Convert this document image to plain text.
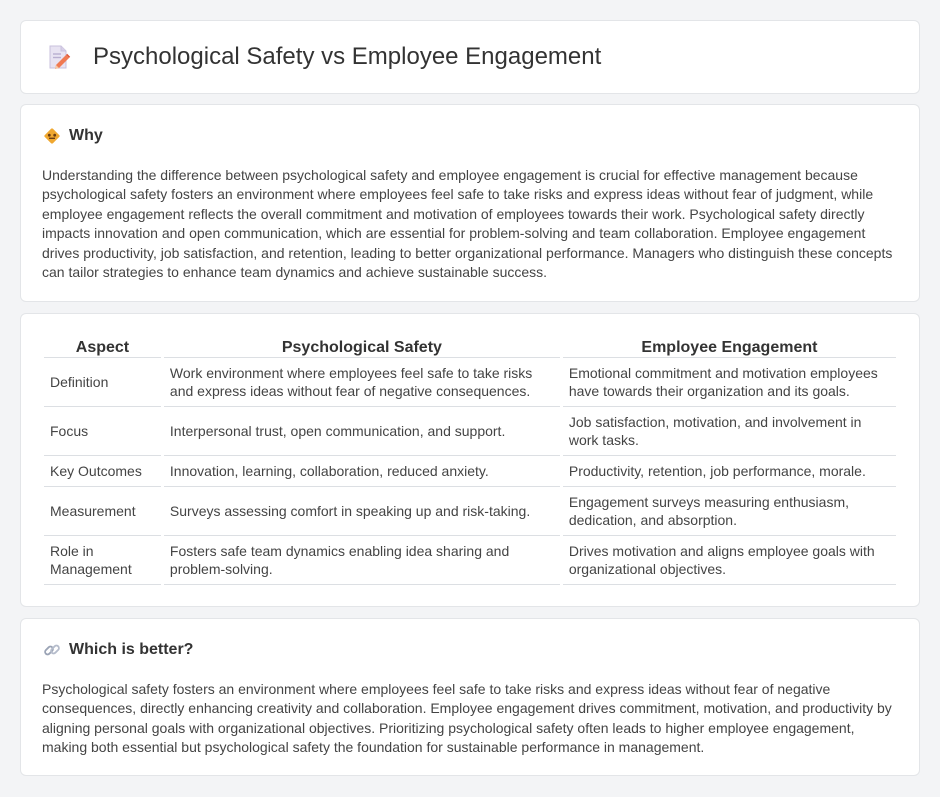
Psychological Safety vs Employee Engagement
Why

Understanding the difference between psychological safety and employee engagement is crucial for effective management because psychological safety fosters an environment where employees feel safe to take risks and express ideas without fear of judgment, while employee engagement reflects the overall commitment and motivation of employees towards their work. Psychological safety directly impacts innovation and open communication, which are essential for problem-solving and team collaboration. Employee engagement drives productivity, job satisfaction, and retention, leading to better organizational performance. Managers who distinguish these concepts can tailor strategies to enhance team dynamics and achieve sustainable success.

Aspect	Psychological Safety	Employee Engagement
Definition	Work environment where employees feel safe to take risks and express ideas without fear of negative consequences.	Emotional commitment and motivation employees have towards their organization and its goals.
Focus	Interpersonal trust, open communication, and support.	Job satisfaction, motivation, and involvement in work tasks.
Key Outcomes	Innovation, learning, collaboration, reduced anxiety.	Productivity, retention, job performance, morale.
Measurement	Surveys assessing comfort in speaking up and risk-taking.	Engagement surveys measuring enthusiasm, dedication, and absorption.
Role in Management	Fosters safe team dynamics enabling idea sharing and problem-solving.	Drives motivation and aligns employee goals with organizational objectives.
Which is better?

Psychological safety fosters an environment where employees feel safe to take risks and express ideas without fear of negative consequences, directly enhancing creativity and collaboration. Employee engagement drives commitment, motivation, and productivity by aligning personal goals with organizational objectives. Prioritizing psychological safety often leads to higher employee engagement, making both essential but psychological safety the foundation for sustainable performance in management.
